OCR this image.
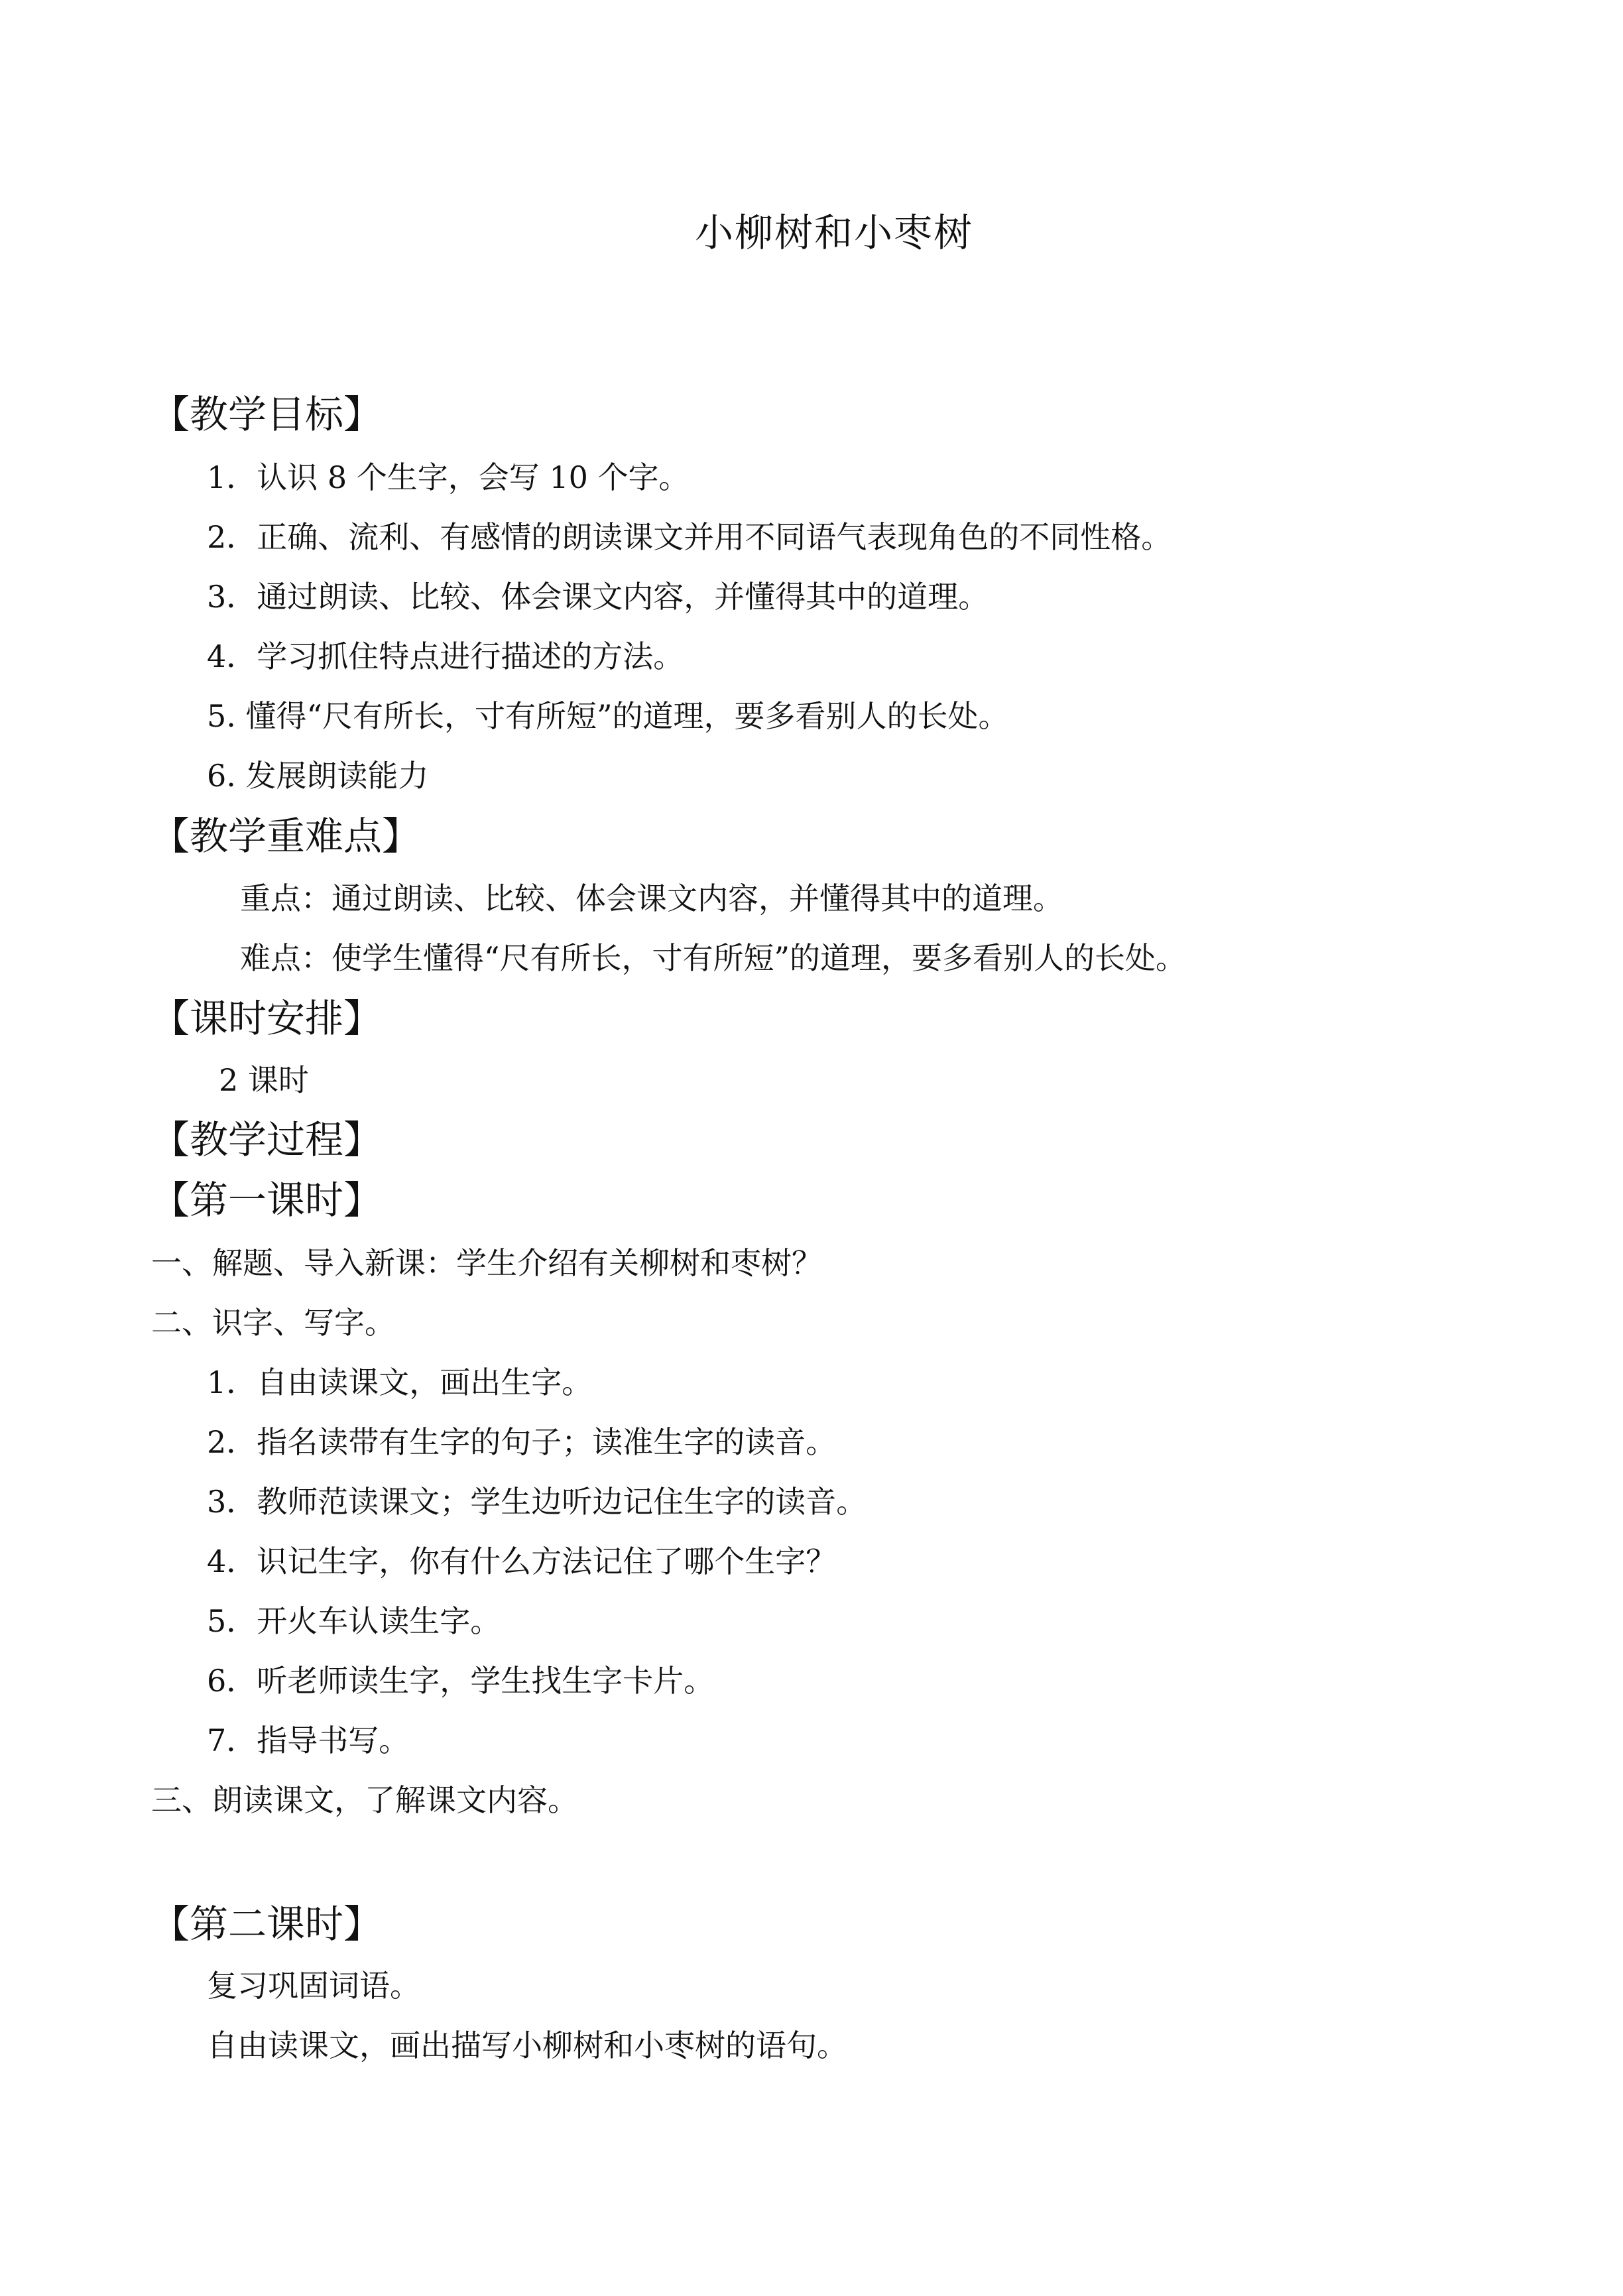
小柳树和小枣树
【教学目标】
1．认识 8 个生字，会写 10 个字。
2．正确、流利、有感情的朗读课文并用不同语气表现角色的不同性格。
3．通过朗读、比较、体会课文内容，并懂得其中的道理。
4．学习抓住特点进行描述的方法。
5. 懂得“尺有所长，寸有所短”的道理，要多看别人的长处。
6. 发展朗读能力
【教学重难点】
重点：通过朗读、比较、体会课文内容，并懂得其中的道理。
难点：使学生懂得“尺有所长，寸有所短”的道理，要多看别人的长处。
【课时安排】
2 课时
【教学过程】
【第一课时】
一、解题、导入新课：学生介绍有关柳树和枣树？
二、识字、写字。
1．自由读课文，画出生字。
2．指名读带有生字的句子；读准生字的读音。
3．教师范读课文；学生边听边记住生字的读音。
4．识记生字，你有什么方法记住了哪个生字？
5．开火车认读生字。
6．听老师读生字，学生找生字卡片。
7．指导书写。
三、朗读课文，了解课文内容。
【第二课时】
复习巩固词语。
自由读课文，画出描写小柳树和小枣树的语句。
